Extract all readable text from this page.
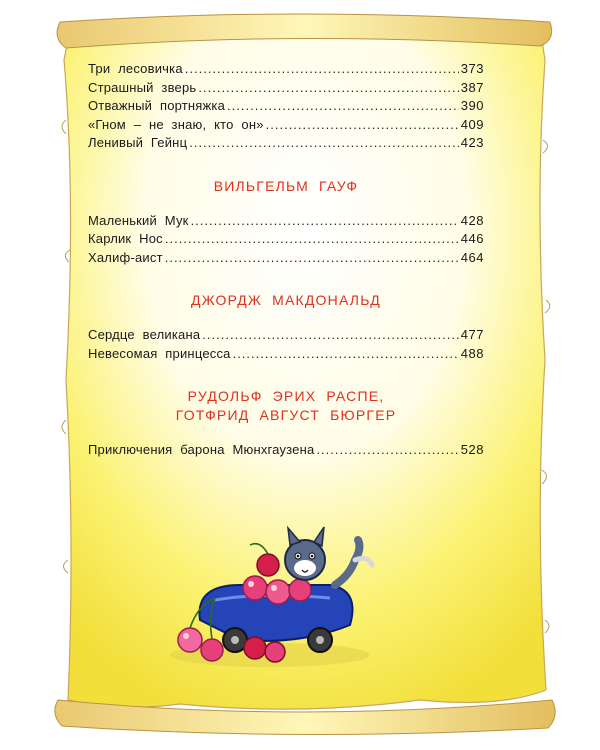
Три лесовичка .....	373
Страшный зверь .....	387
Отважный портняжка .....	390
«Гном – не знаю, кто он» .....	409
Ленивый Гейнц .....	423
ВИЛЬГЕЛЬМ ГАУФ
Маленький Мук .....	428
Карлик Нос .....	446
Халиф-аист .....	464
ДЖОРДЖ МАКДОНАЛЬД
Сердце великана .....	477
Невесомая принцесса .....	488
РУДОЛЬФ ЭРИХ РАСПЕ,
ГОТФРИД АВГУСТ БЮРГЕР
Приключения барона Мюнхгаузена .....	528
